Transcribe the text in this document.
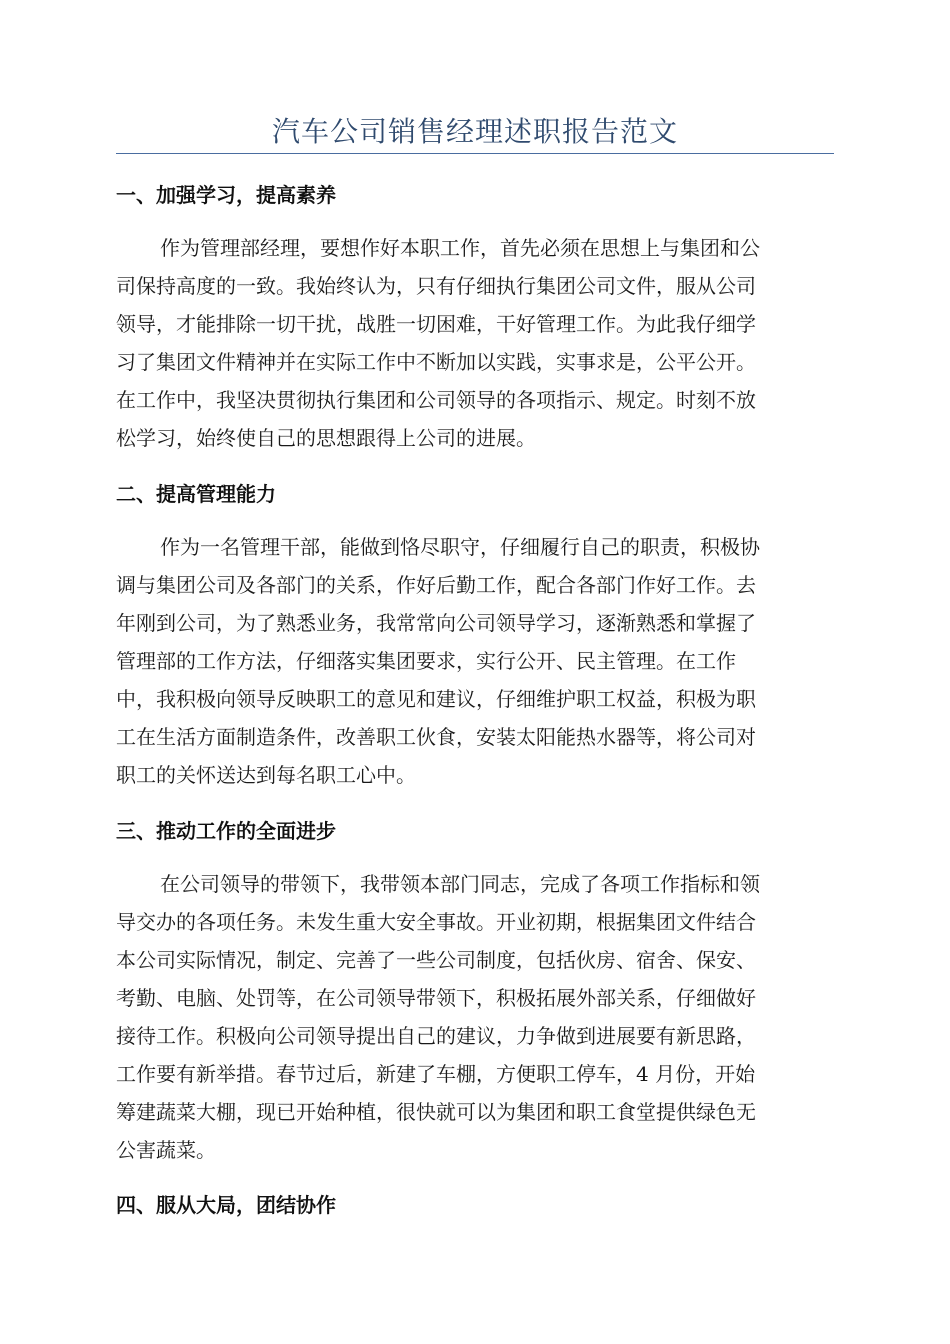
汽车公司销售经理述职报告范文
一、加强学习，提高素养
作为管理部经理，要想作好本职工作，首先必须在思想上与集团和公
司保持高度的一致。我始终认为，只有仔细执行集团公司文件，服从公司
领导，才能排除一切干扰，战胜一切困难，干好管理工作。为此我仔细学
习了集团文件精神并在实际工作中不断加以实践，实事求是，公平公开。
在工作中，我坚决贯彻执行集团和公司领导的各项指示、规定。时刻不放
松学习，始终使自己的思想跟得上公司的进展。
二、提高管理能力
作为一名管理干部，能做到恪尽职守，仔细履行自己的职责，积极协
调与集团公司及各部门的关系，作好后勤工作，配合各部门作好工作。去
年刚到公司，为了熟悉业务，我常常向公司领导学习，逐渐熟悉和掌握了
管理部的工作方法，仔细落实集团要求，实行公开、民主管理。在工作
中，我积极向领导反映职工的意见和建议，仔细维护职工权益，积极为职
工在生活方面制造条件，改善职工伙食，安装太阳能热水器等，将公司对
职工的关怀送达到每名职工心中。
三、推动工作的全面进步
在公司领导的带领下，我带领本部门同志，完成了各项工作指标和领
导交办的各项任务。未发生重大安全事故。开业初期，根据集团文件结合
本公司实际情况，制定、完善了一些公司制度，包括伙房、宿舍、保安、
考勤、电脑、处罚等，在公司领导带领下，积极拓展外部关系，仔细做好
接待工作。积极向公司领导提出自己的建议，力争做到进展要有新思路，
工作要有新举措。春节过后，新建了车棚，方便职工停车，4 月份，开始
筹建蔬菜大棚，现已开始种植，很快就可以为集团和职工食堂提供绿色无
公害蔬菜。
四、服从大局，团结协作
